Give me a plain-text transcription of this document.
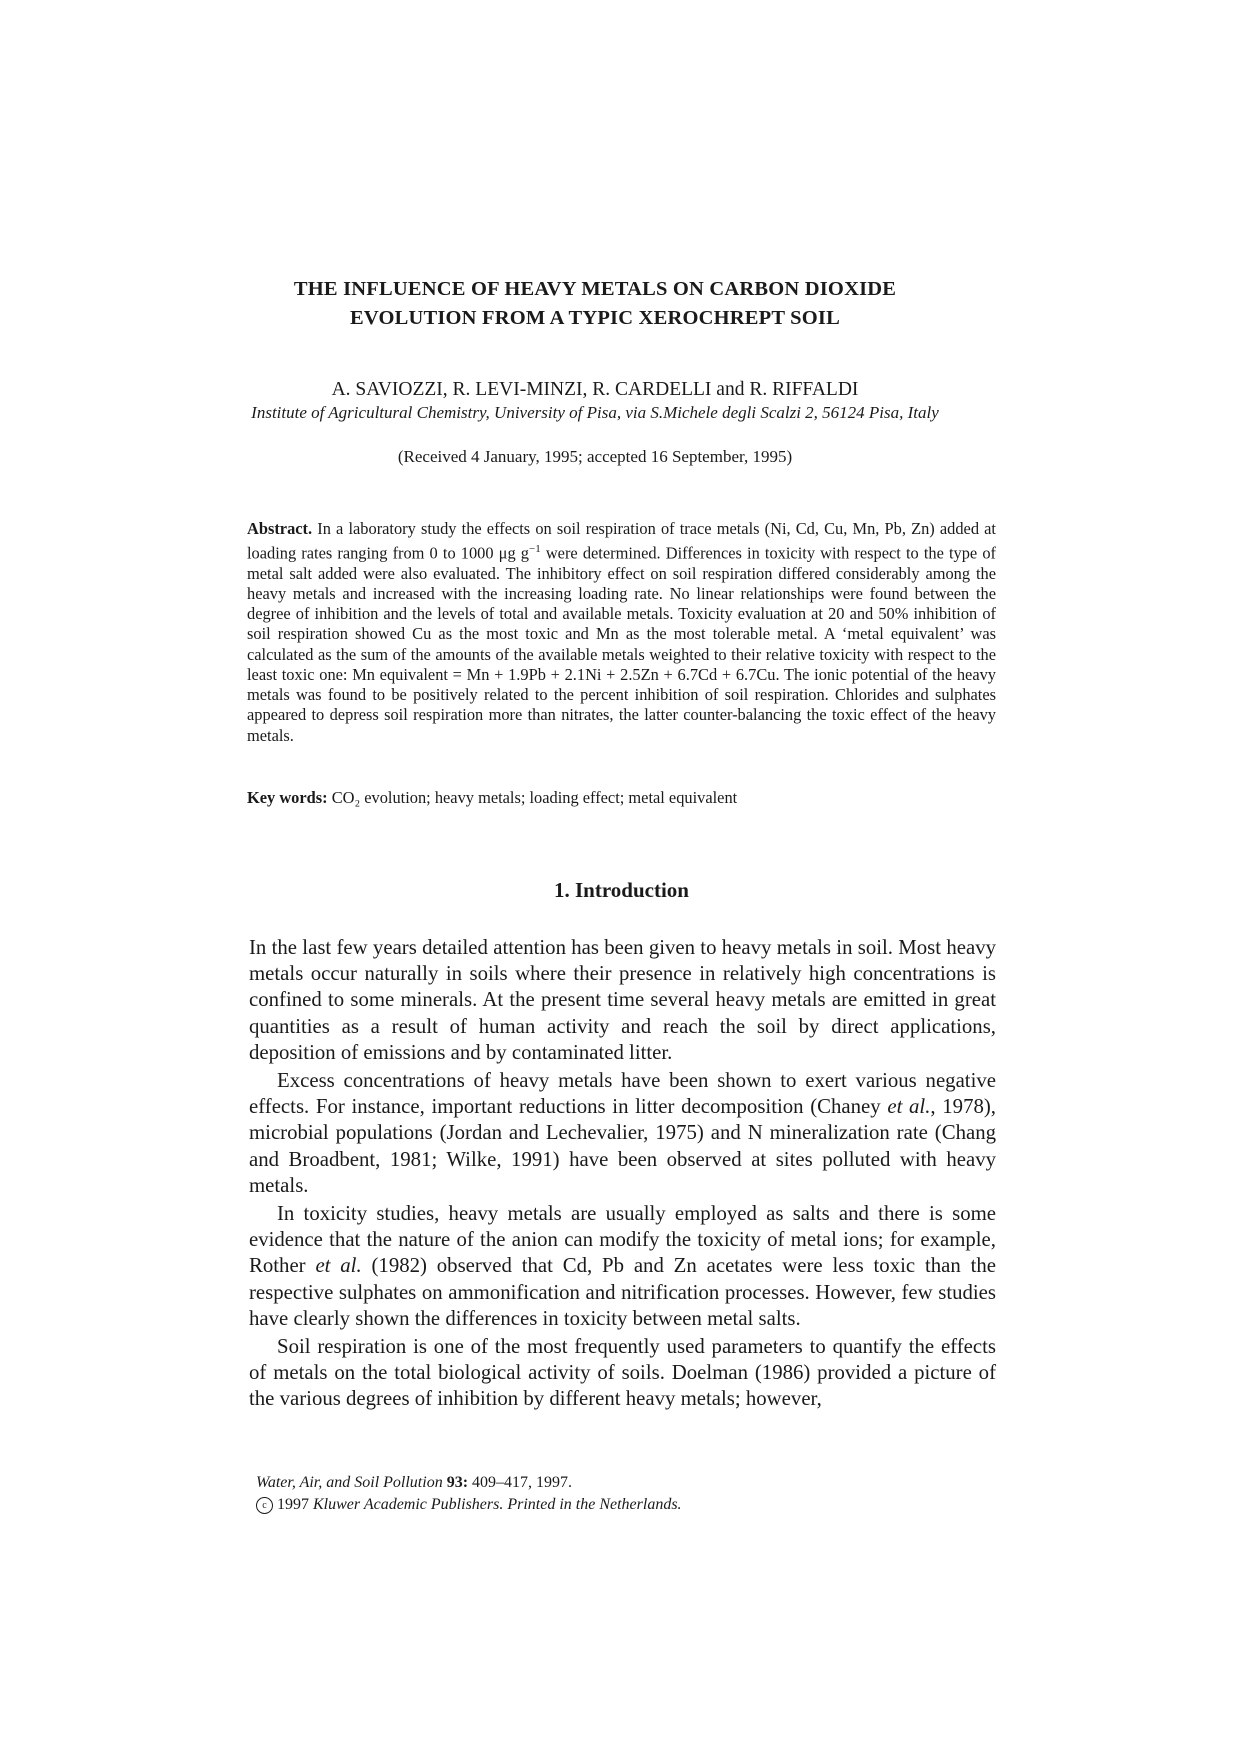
THE INFLUENCE OF HEAVY METALS ON CARBON DIOXIDE
EVOLUTION FROM A TYPIC XEROCHREPT SOIL
A. SAVIOZZI, R. LEVI-MINZI, R. CARDELLI and R. RIFFALDI
Institute of Agricultural Chemistry, University of Pisa, via S.Michele degli Scalzi 2, 56124 Pisa, Italy
(Received 4 January, 1995; accepted 16 September, 1995)
Abstract. In a laboratory study the effects on soil respiration of trace metals (Ni, Cd, Cu, Mn, Pb, Zn) added at loading rates ranging from 0 to 1000 μg $g^{-1}$ were determined. Differences in toxicity with respect to the type of metal salt added were also evaluated. The inhibitory effect on soil respiration differed considerably among the heavy metals and increased with the increasing loading rate. No linear relationships were found between the degree of inhibition and the levels of total and available metals. Toxicity evaluation at 20 and 50% inhibition of soil respiration showed Cu as the most toxic and Mn as the most tolerable metal. A ‘metal equivalent’ was calculated as the sum of the amounts of the available metals weighted to their relative toxicity with respect to the least toxic one: Mn equivalent = Mn + 1.9Pb + 2.1Ni + 2.5Zn + 6.7Cd + 6.7Cu. The ionic potential of the heavy metals was found to be positively related to the percent inhibition of soil respiration. Chlorides and sulphates appeared to depress soil respiration more than nitrates, the latter counter-balancing the toxic effect of the heavy metals.
Key words: CO₂ evolution; heavy metals; loading effect; metal equivalent
1. Introduction

In the last few years detailed attention has been given to heavy metals in soil. Most heavy metals occur naturally in soils where their presence in relatively high concentrations is confined to some minerals. At the present time several heavy metals are emitted in great quantities as a result of human activity and reach the soil by direct applications, deposition of emissions and by contaminated litter.

Excess concentrations of heavy metals have been shown to exert various negative effects. For instance, important reductions in litter decomposition (Chaney et al., 1978), microbial populations (Jordan and Lechevalier, 1975) and N mineralization rate (Chang and Broadbent, 1981; Wilke, 1991) have been observed at sites polluted with heavy metals.

In toxicity studies, heavy metals are usually employed as salts and there is some evidence that the nature of the anion can modify the toxicity of metal ions; for example, Rother et al. (1982) observed that Cd, Pb and Zn acetates were less toxic than the respective sulphates on ammonification and nitrification processes. However, few studies have clearly shown the differences in toxicity between metal salts.

Soil respiration is one of the most frequently used parameters to quantify the effects of metals on the total biological activity of soils. Doelman (1986) provided a picture of the various degrees of inhibition by different heavy metals; however,

Water, Air, and Soil Pollution 93: 409–417, 1997.
c 1997 Kluwer Academic Publishers. Printed in the Netherlands.
